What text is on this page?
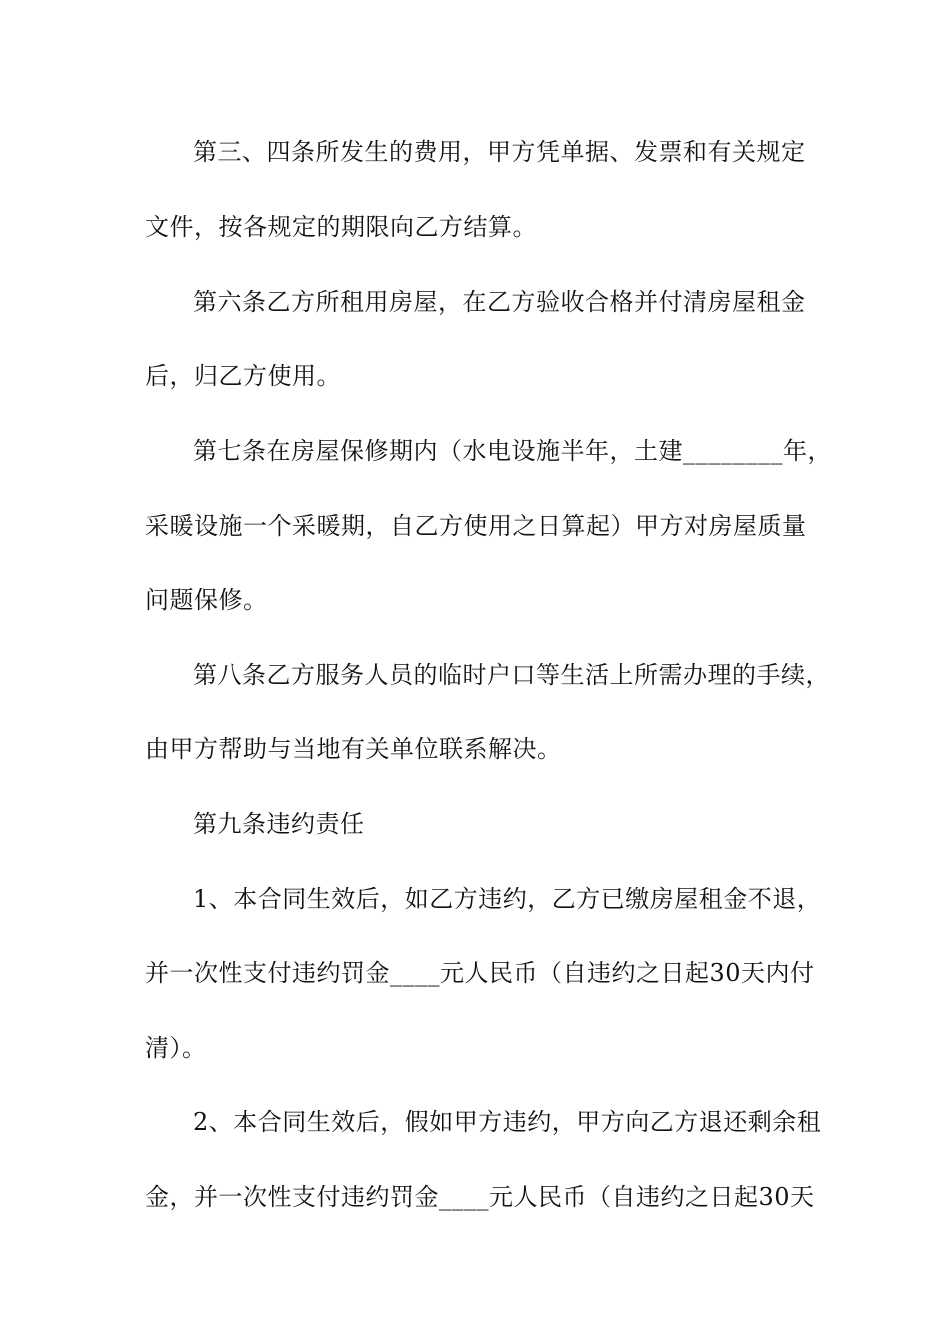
第三、四条所发生的费用，甲方凭单据、发票和有关规定
文件，按各规定的期限向乙方结算。
第六条乙方所租用房屋，在乙方验收合格并付清房屋租金
后，归乙方使用。
第七条在房屋保修期内（水电设施半年，土建________年，
采暖设施一个采暖期，自乙方使用之日算起）甲方对房屋质量
问题保修。
第八条乙方服务人员的临时户口等生活上所需办理的手续，
由甲方帮助与当地有关单位联系解决。
第九条违约责任
1、本合同生效后，如乙方违约，乙方已缴房屋租金不退，
并一次性支付违约罚金____元人民币（自违约之日起30天内付
清）。
2、本合同生效后，假如甲方违约，甲方向乙方退还剩余租
金，并一次性支付违约罚金____元人民币（自违约之日起30天
